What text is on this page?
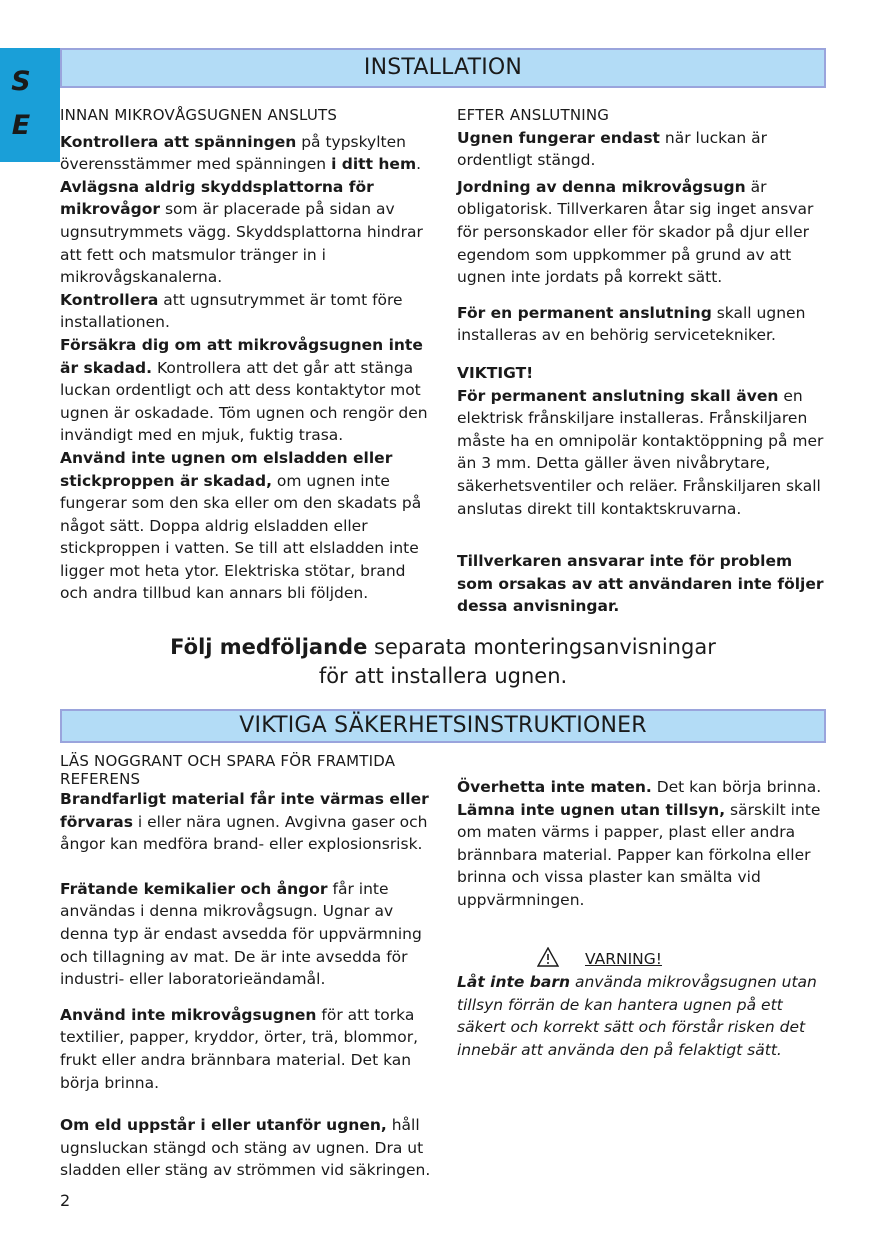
S
E
INSTALLATION

INNAN MIKROVÅGSUGNEN ANSLUTS

Kontrollera att spänningen på typskylten överensstämmer med spänningen i ditt hem.

Avlägsna aldrig skyddsplattorna för mikrovågor som är placerade på sidan av ugnsutrymmets vägg. Skyddsplattorna hindrar att fett och matsmulor tränger in i mikrovågskanalerna.

Kontrollera att ugnsutrymmet är tomt före installationen.

Försäkra dig om att mikrovågsugnen inte är skadad. Kontrollera att det går att stänga luckan ordentligt och att dess kontaktytor mot ugnen är oskadade. Töm ugnen och rengör den invändigt med en mjuk, fuktig trasa.

Använd inte ugnen om elsladden eller stickproppen är skadad, om ugnen inte fungerar som den ska eller om den skadats på något sätt. Doppa aldrig elsladden eller stickproppen i vatten. Se till att elsladden inte ligger mot heta ytor. Elektriska stötar, brand och andra tillbud kan annars bli följden.

EFTER ANSLUTNING

Ugnen fungerar endast när luckan är ordentligt stängd.

Jordning av denna mikrovågsugn är obligatorisk. Tillverkaren åtar sig inget ansvar för personskador eller för skador på djur eller egendom som uppkommer på grund av att ugnen inte jordats på korrekt sätt.

För en permanent anslutning skall ugnen installeras av en behörig servicetekniker.

VIKTIGT!
För permanent anslutning skall även en elektrisk frånskiljare installeras. Frånskiljaren måste ha en omnipolär kontaktöppning på mer än 3 mm. Detta gäller även nivåbrytare, säkerhetsventiler och reläer. Frånskiljaren skall anslutas direkt till kontaktskruvarna.

Tillverkaren ansvarar inte för problem som orsakas av att användaren inte följer dessa anvisningar.

Följ medföljande separata monteringsanvisningar
för att installera ugnen.
VIKTIGA SÄKERHETSINSTRUKTIONER

LÄS NOGGRANT OCH SPARA FÖR FRAMTIDA REFERENS

Brandfarligt material får inte värmas eller förvaras i eller nära ugnen. Avgivna gaser och ångor kan medföra brand- eller explosionsrisk.

Frätande kemikalier och ångor får inte användas i denna mikrovågsugn. Ugnar av denna typ är endast avsedda för uppvärmning och tillagning av mat. De är inte avsedda för industri- eller laboratorieändamål.

Använd inte mikrovågsugnen för att torka textilier, papper, kryddor, örter, trä, blommor, frukt eller andra brännbara material. Det kan börja brinna.

Om eld uppstår i eller utanför ugnen, håll ugnsluckan stängd och stäng av ugnen. Dra ut sladden eller stäng av strömmen vid säkringen.

Överhetta inte maten. Det kan börja brinna.

Lämna inte ugnen utan tillsyn, särskilt inte om maten värms i papper, plast eller andra brännbara material. Papper kan förkolna eller brinna och vissa plaster kan smälta vid uppvärmningen.

VARNING!

Låt inte barn använda mikrovågsugnen utan tillsyn förrän de kan hantera ugnen på ett säkert och korrekt sätt och förstår risken det innebär att använda den på felaktigt sätt.

2
